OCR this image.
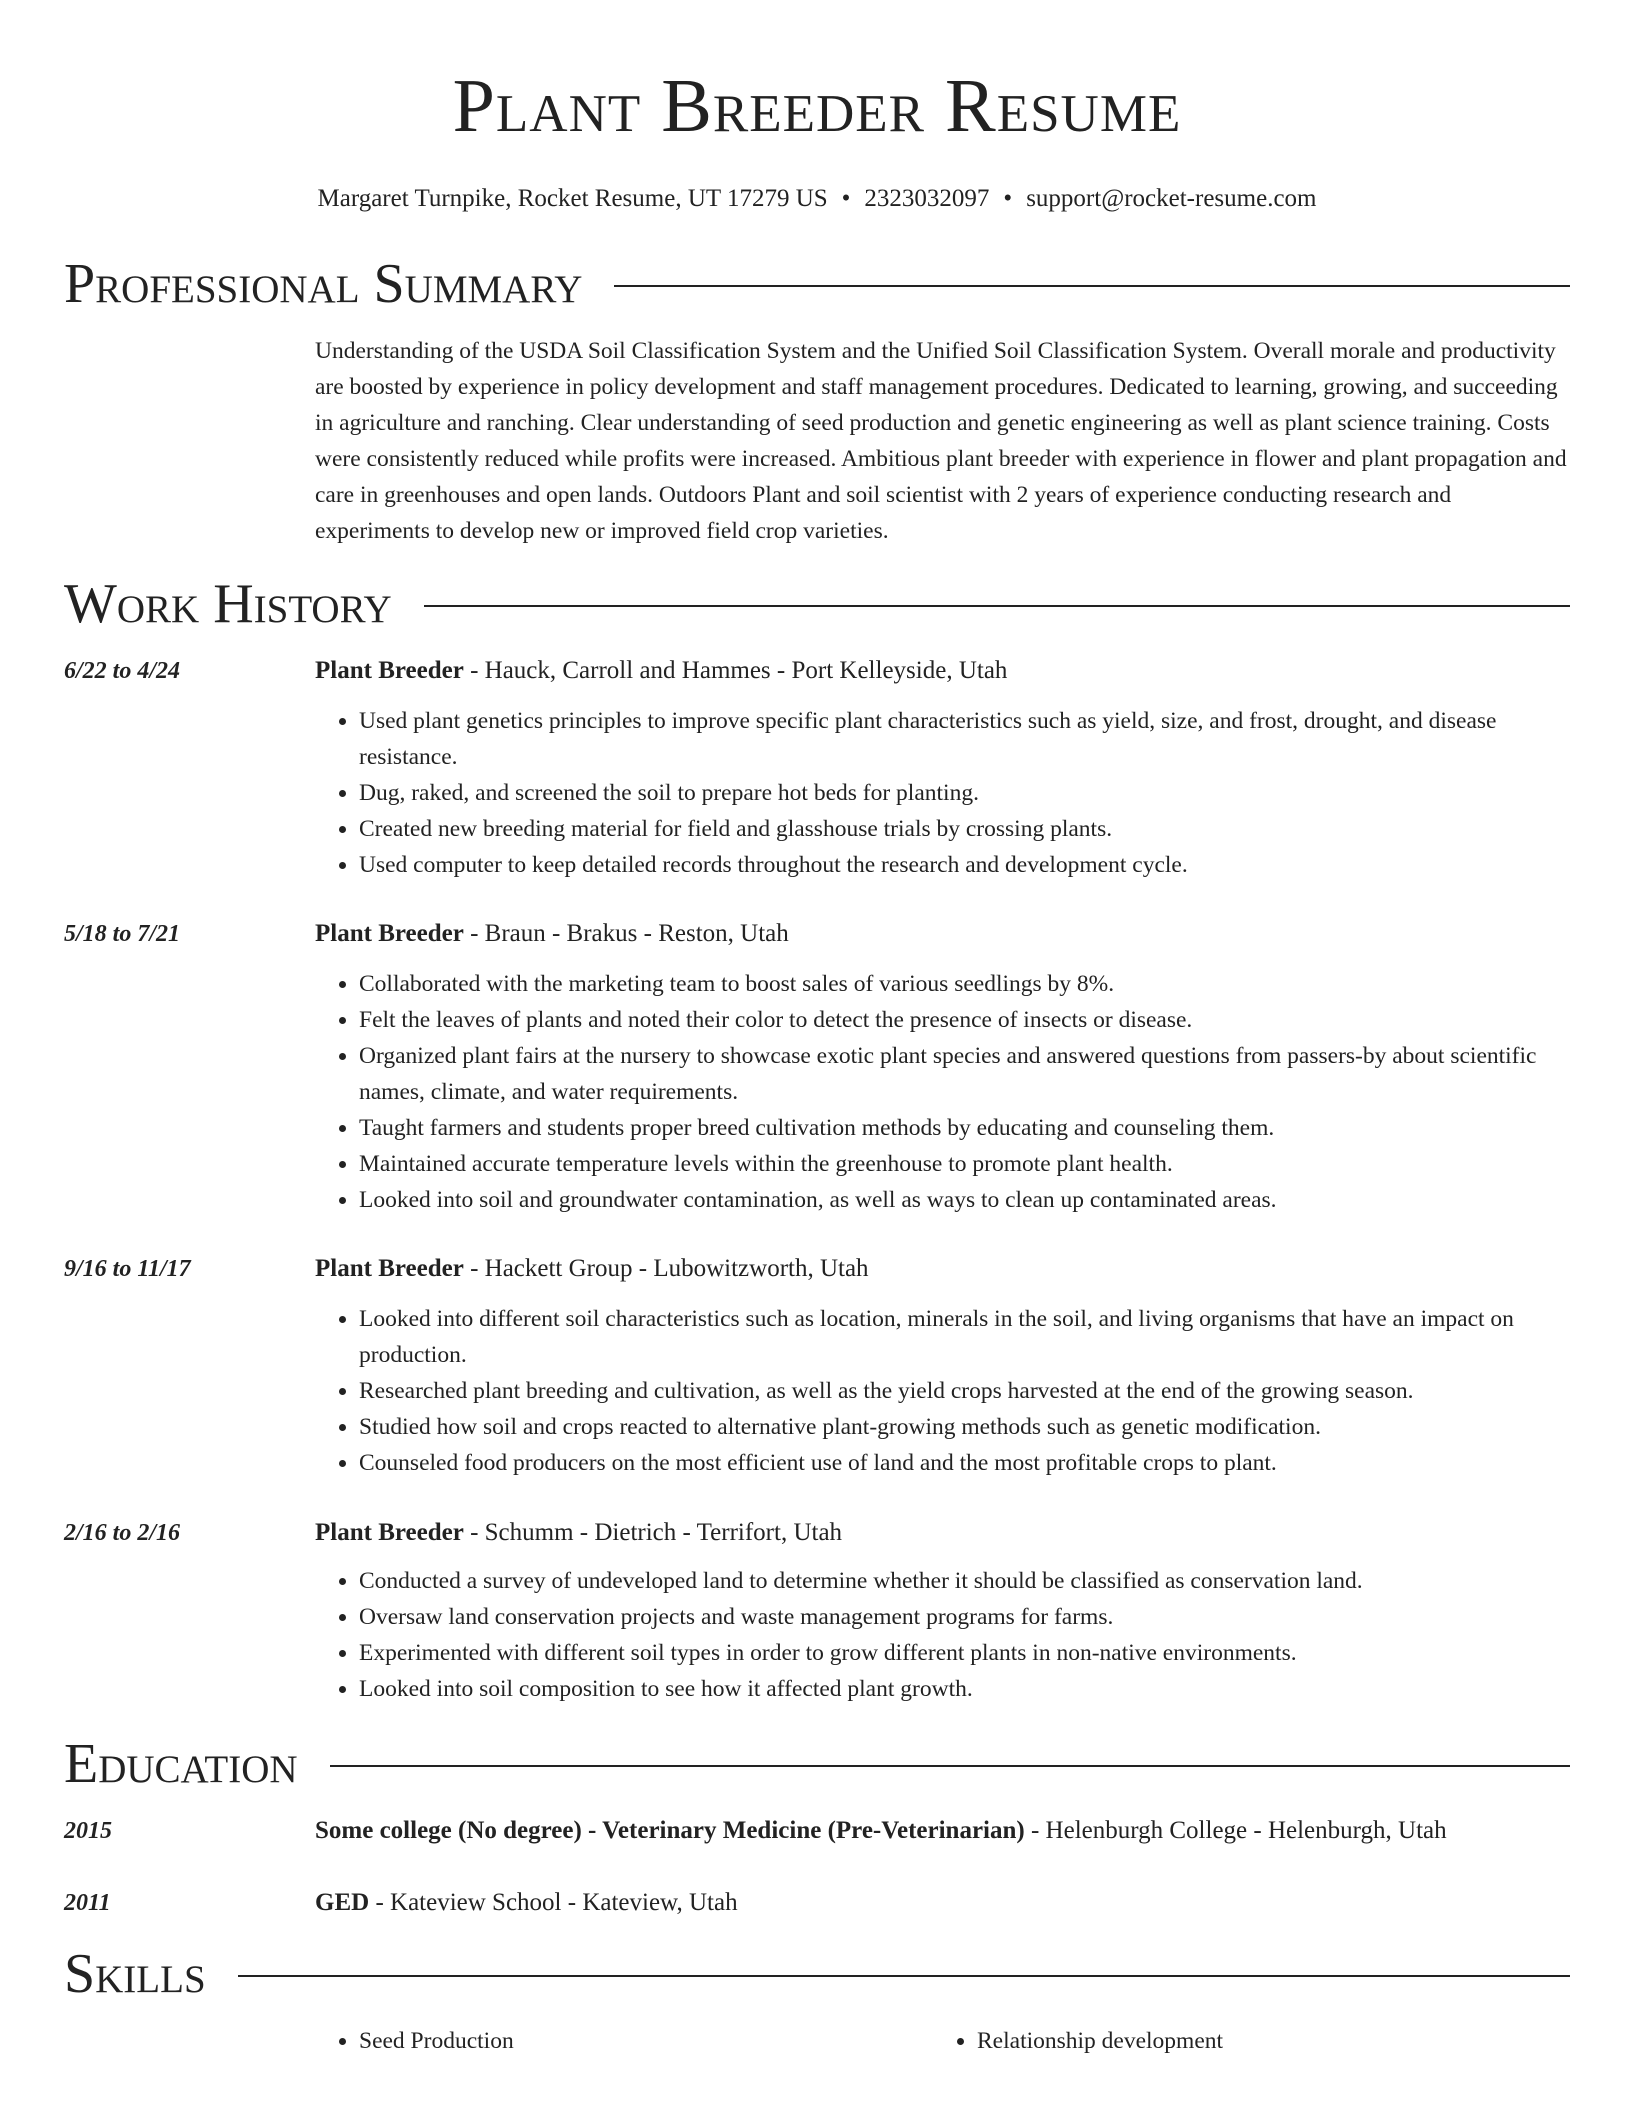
Plant Breeder Resume
Margaret Turnpike, Rocket Resume, UT 17279 US • 2323032097 • support@rocket-resume.com
Professional Summary

Understanding of the USDA Soil Classification System and the Unified Soil Classification System. Overall morale and productivity are boosted by experience in policy development and staff management procedures. Dedicated to learning, growing, and succeeding in agriculture and ranching. Clear understanding of seed production and genetic engineering as well as plant science training. Costs were consistently reduced while profits were increased. Ambitious plant breeder with experience in flower and plant propagation and care in greenhouses and open lands. Outdoors Plant and soil scientist with 2 years of experience conducting research and experiments to develop new or improved field crop varieties.

Work History
6/22 to 4/24	Plant Breeder - Hauck, Carroll and Hammes - Port Kelleyside, Utah
• Used plant genetics principles to improve specific plant characteristics such as yield, size, and frost, drought, and disease resistance.
• Dug, raked, and screened the soil to prepare hot beds for planting.
• Created new breeding material for field and glasshouse trials by crossing plants.
• Used computer to keep detailed records throughout the research and development cycle.
5/18 to 7/21	Plant Breeder - Braun - Brakus - Reston, Utah
• Collaborated with the marketing team to boost sales of various seedlings by 8%.
• Felt the leaves of plants and noted their color to detect the presence of insects or disease.
• Organized plant fairs at the nursery to showcase exotic plant species and answered questions from passers-by about scientific names, climate, and water requirements.
• Taught farmers and students proper breed cultivation methods by educating and counseling them.
• Maintained accurate temperature levels within the greenhouse to promote plant health.
• Looked into soil and groundwater contamination, as well as ways to clean up contaminated areas.
9/16 to 11/17	Plant Breeder - Hackett Group - Lubowitzworth, Utah
• Looked into different soil characteristics such as location, minerals in the soil, and living organisms that have an impact on production.
• Researched plant breeding and cultivation, as well as the yield crops harvested at the end of the growing season.
• Studied how soil and crops reacted to alternative plant-growing methods such as genetic modification.
• Counseled food producers on the most efficient use of land and the most profitable crops to plant.
2/16 to 2/16	Plant Breeder - Schumm - Dietrich - Terrifort, Utah
• Conducted a survey of undeveloped land to determine whether it should be classified as conservation land.
• Oversaw land conservation projects and waste management programs for farms.
• Experimented with different soil types in order to grow different plants in non-native environments.
• Looked into soil composition to see how it affected plant growth.
Education
2015	Some college (No degree) - Veterinary Medicine (Pre-Veterinarian) - Helenburgh College - Helenburgh, Utah
2011	GED - Kateview School - Kateview, Utah
Skills
• Seed Production
•	Relationship development
